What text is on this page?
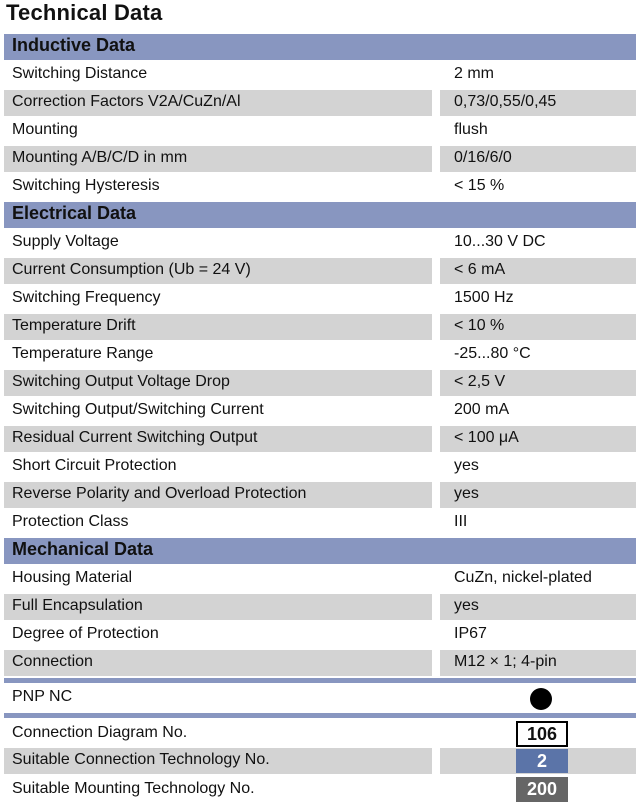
Technical Data
Inductive Data
Switching Distance	2 mm
Correction Factors V2A/CuZn/Al	0,73/0,55/0,45
Mounting	flush
Mounting A/B/C/D in mm	0/16/6/0
Switching Hysteresis	< 15 %
Electrical Data
Supply Voltage	10...30 V DC
Current Consumption (Ub = 24 V)	< 6 mA
Switching Frequency	1500 Hz
Temperature Drift	< 10 %
Temperature Range	-25...80 °C
Switching Output Voltage Drop	< 2,5 V
Switching Output/Switching Current	200 mA
Residual Current Switching Output	< 100 μA
Short Circuit Protection	yes
Reverse Polarity and Overload Protection	yes
Protection Class	III
Mechanical Data
Housing Material	CuZn, nickel-plated
Full Encapsulation	yes
Degree of Protection	IP67
Connection	M12 × 1; 4-pin
PNP NC
Connection Diagram No.	106
Suitable Connection Technology No.	2
Suitable Mounting Technology No.	200
